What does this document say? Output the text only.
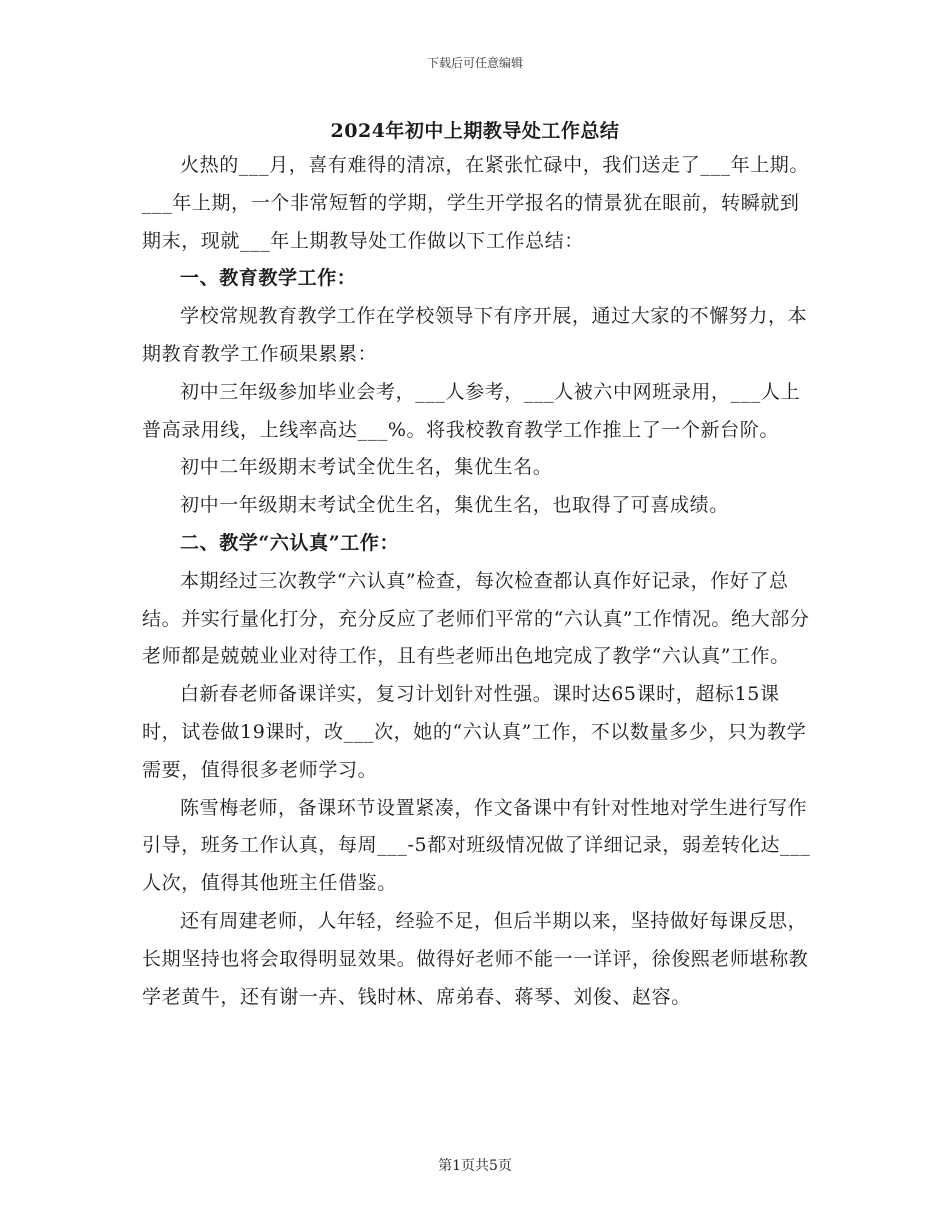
下载后可任意编辑
2024年初中上期教导处工作总结

火热的___月，喜有难得的清凉，在紧张忙碌中，我们送走了___年上期。___年上期，一个非常短暂的学期，学生开学报名的情景犹在眼前，转瞬就到期末，现就___年上期教导处工作做以下工作总结：

一、教育教学工作：

学校常规教育教学工作在学校领导下有序开展，通过大家的不懈努力，本期教育教学工作硕果累累：

初中三年级参加毕业会考，___人参考，___人被六中网班录用，___人上普高录用线，上线率高达___%。将我校教育教学工作推上了一个新台阶。

初中二年级期末考试全优生名，集优生名。

初中一年级期末考试全优生名，集优生名，也取得了可喜成绩。

二、教学“六认真”工作：

本期经过三次教学“六认真”检查，每次检查都认真作好记录，作好了总结。并实行量化打分，充分反应了老师们平常的“六认真”工作情况。绝大部分老师都是兢兢业业对待工作，且有些老师出色地完成了教学“六认真”工作。

白新春老师备课详实，复习计划针对性强。课时达65课时，超标15课时，试卷做19课时，改___次，她的“六认真”工作，不以数量多少，只为教学需要，值得很多老师学习。

陈雪梅老师，备课环节设置紧凑，作文备课中有针对性地对学生进行写作引导，班务工作认真，每周___-5都对班级情况做了详细记录，弱差转化达___人次，值得其他班主任借鉴。

还有周建老师，人年轻，经验不足，但后半期以来，坚持做好每课反思，长期坚持也将会取得明显效果。做得好老师不能一一详评，徐俊熙老师堪称教学老黄牛，还有谢一卉、钱时林、席弟春、蒋琴、刘俊、赵容。

第1页共5页
